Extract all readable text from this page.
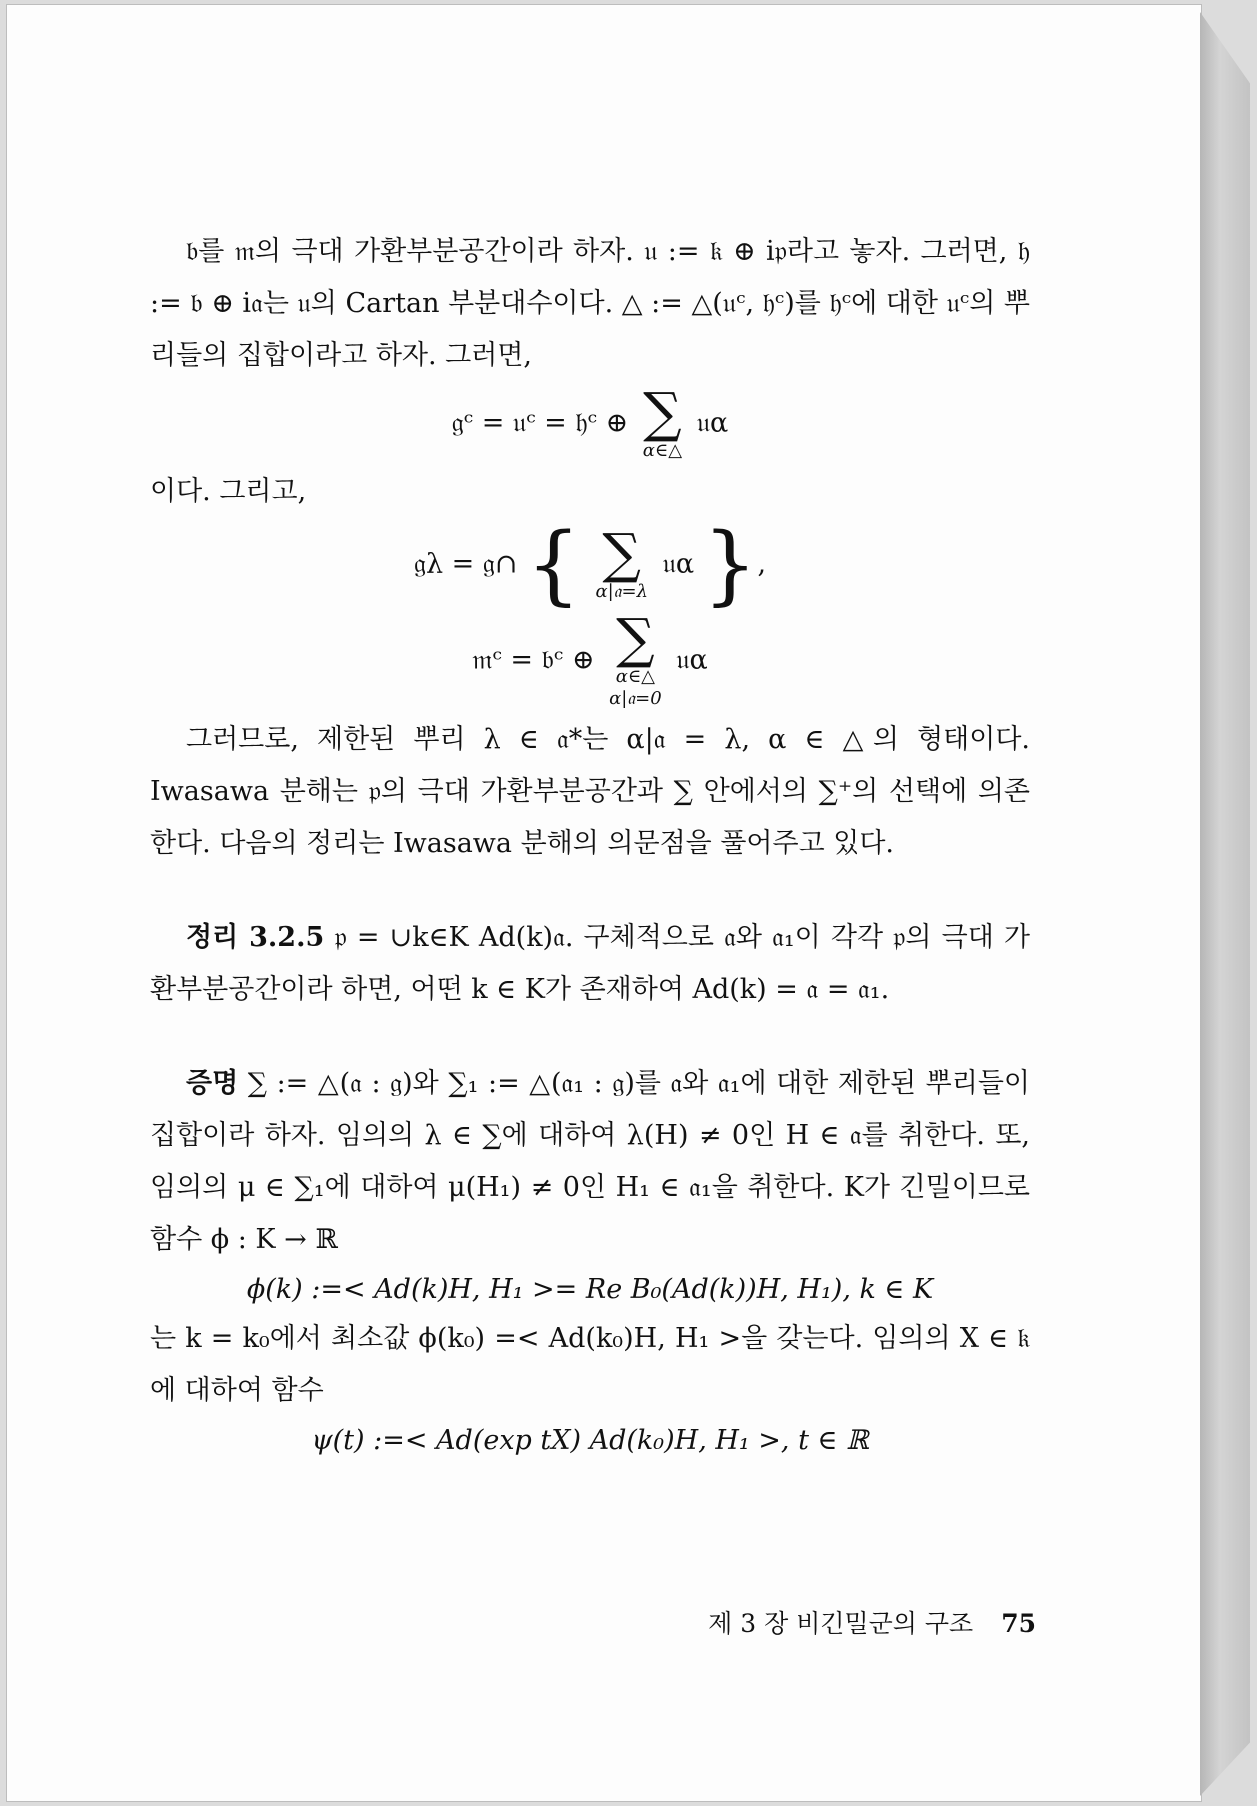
𝔟를 𝔪의 극대 가환부분공간이라 하자. 𝔲 := 𝔨 ⊕ i𝔭라고 놓자. 그러면, 𝔥 := 𝔟 ⊕ i𝔞는 𝔲의 Cartan 부분대수이다. △ := △(𝔲ᶜ, 𝔥ᶜ)를 𝔥ᶜ에 대한 𝔲ᶜ의 뿌리들의 집합이라고 하자. 그러면,
𝔤ᶜ = 𝔲ᶜ = 𝔥ᶜ ⊕ ∑
α∈△
𝔲α
이다. 그리고,
𝔤λ = 𝔤∩ { ∑
α|𝔞=λ
𝔲α },
𝔪ᶜ = 𝔟ᶜ ⊕ ∑
α∈△
α|𝔞=0
𝔲α
그러므로, 제한된 뿌리 λ ∈ 𝔞*는 α|𝔞 = λ, α ∈ △의 형태이다. Iwasawa 분해는 𝔭의 극대 가환부분공간과 ∑ 안에서의 ∑⁺의 선택에 의존한다. 다음의 정리는 Iwasawa 분해의 의문점을 풀어주고 있다.
정리 3.2.5 𝔭 = ∪k∈K Ad(k)𝔞. 구체적으로 𝔞와 𝔞₁이 각각 𝔭의 극대 가환부분공간이라 하면, 어떤 k ∈ K가 존재하여 Ad(k) = 𝔞 = 𝔞₁.
증명 ∑ := △(𝔞 : 𝔤)와 ∑₁ := △(𝔞₁ : 𝔤)를 𝔞와 𝔞₁에 대한 제한된 뿌리들이 집합이라 하자. 임의의 λ ∈ ∑에 대하여 λ(H) ≠ 0인 H ∈ 𝔞를 취한다. 또, 임의의 μ ∈ ∑₁에 대하여 μ(H₁) ≠ 0인 H₁ ∈ 𝔞₁을 취한다. K가 긴밀이므로 함수 ϕ : K → ℝ
ϕ(k) :=< Ad(k)H, H₁ >= Re B₀(Ad(k))H, H₁), k ∈ K
는 k = k₀에서 최소값 ϕ(k₀) =< Ad(k₀)H, H₁ >을 갖는다. 임의의 X ∈ 𝔨에 대하여 함수
ψ(t) :=< Ad(exp tX) Ad(k₀)H, H₁ >, t ∈ ℝ
제 3 장 비긴밀군의 구조 75
